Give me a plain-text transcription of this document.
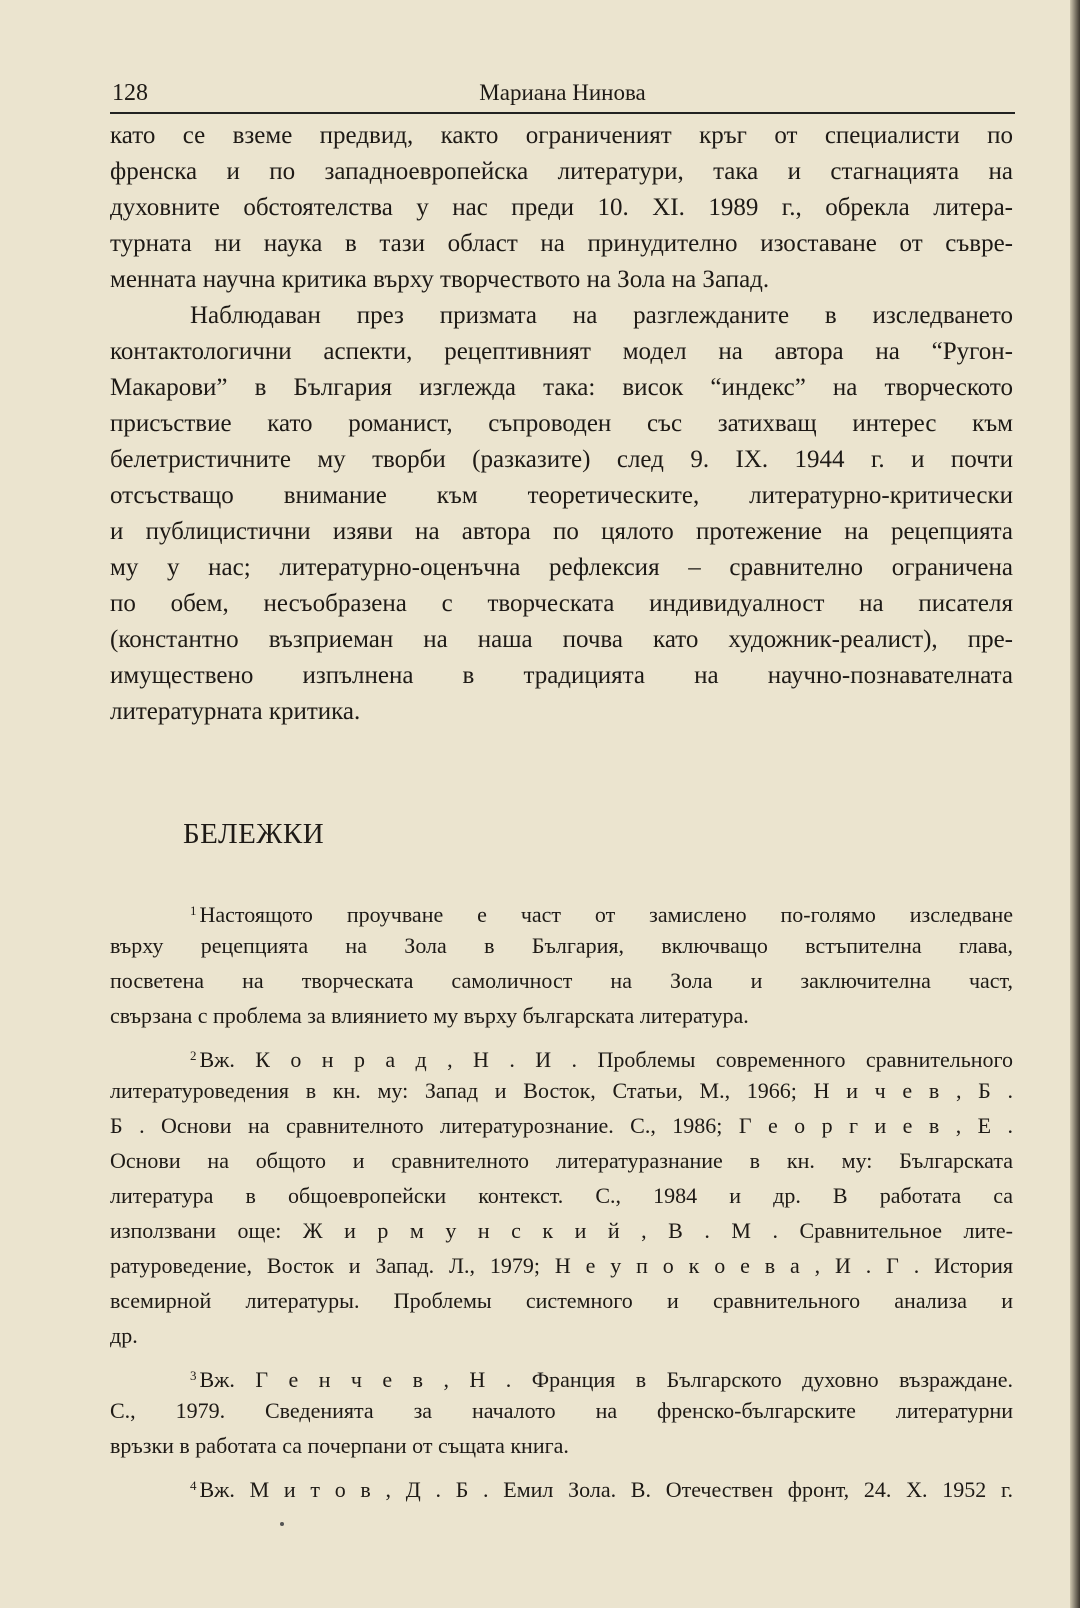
128	Мариана Нинова
като се вземе предвид, както ограниченият кръг от специалисти по
френска и по западноевропейска литератури, така и стагнацията на
духовните обстоятелства у нас преди 10. XI. 1989 г., обрекла литера-
турната ни наука в тази област на принудително изоставане от съвре-
менната научна критика върху творчеството на Зола на Запад.
Наблюдаван през призмата на разглежданите в изследването
контактологични аспекти, рецептивният модел на автора на “Ругон-
Макарови” в България изглежда така: висок “индекс” на творческото
присъствие като романист, съпроводен със затихващ интерес към
белетристичните му творби (разказите) след 9. IX. 1944 г. и почти
отсъстващо внимание към теоретическите, литературно-критически
и публицистични изяви на автора по цялото протежение на рецепцията
му у нас; литературно-оценъчна рефлексия – сравнително ограничена
по обем, несъобразена с творческата индивидуалност на писателя
(константно възприеман на наша почва като художник-реалист), пре-
имуществено изпълнена в традицията на научно-познавателната
литературната критика.
БЕЛЕЖКИ
$^1$ Настоящото проучване е част от замислено по-голямо изследване
върху рецепцията на Зола в България, включващо встъпителна глава,
посветена на творческата самоличност на Зола и заключителна част,
свързана с проблема за влиянието му върху българската литература.
$^2$ Вж. К о н р а д , Н . И . Проблемы современного сравнительного
литературоведения в кн. му: Запад и Восток, Статьи, М., 1966; Н и ч е в , Б .
Б . Основи на сравнителното литературознание. С., 1986; Г е о р г и е в , Е .
Основи на общото и сравнителното литературазнание в кн. му: Българската
литература в общоевропейски контекст. С., 1984 и др. В работата са
използвани още: Ж и р м у н с к и й , В . М . Сравнительное лите-
ратуроведение, Восток и Запад. Л., 1979; Н е у п о к о е в а , И . Г . История
всемирной литературы. Проблемы системного и сравнительного анализа и
др.
$^3$ Вж. Г е н ч е в , Н . Франция в Българското духовно възраждане.
С., 1979. Сведенията за началото на френско-българските литературни
връзки в работата са почерпани от същата книга.
$^4$ Вж. М и т о в , Д . Б . Емил Зола. В. Отечествен фронт, 24. X. 1952 г.
